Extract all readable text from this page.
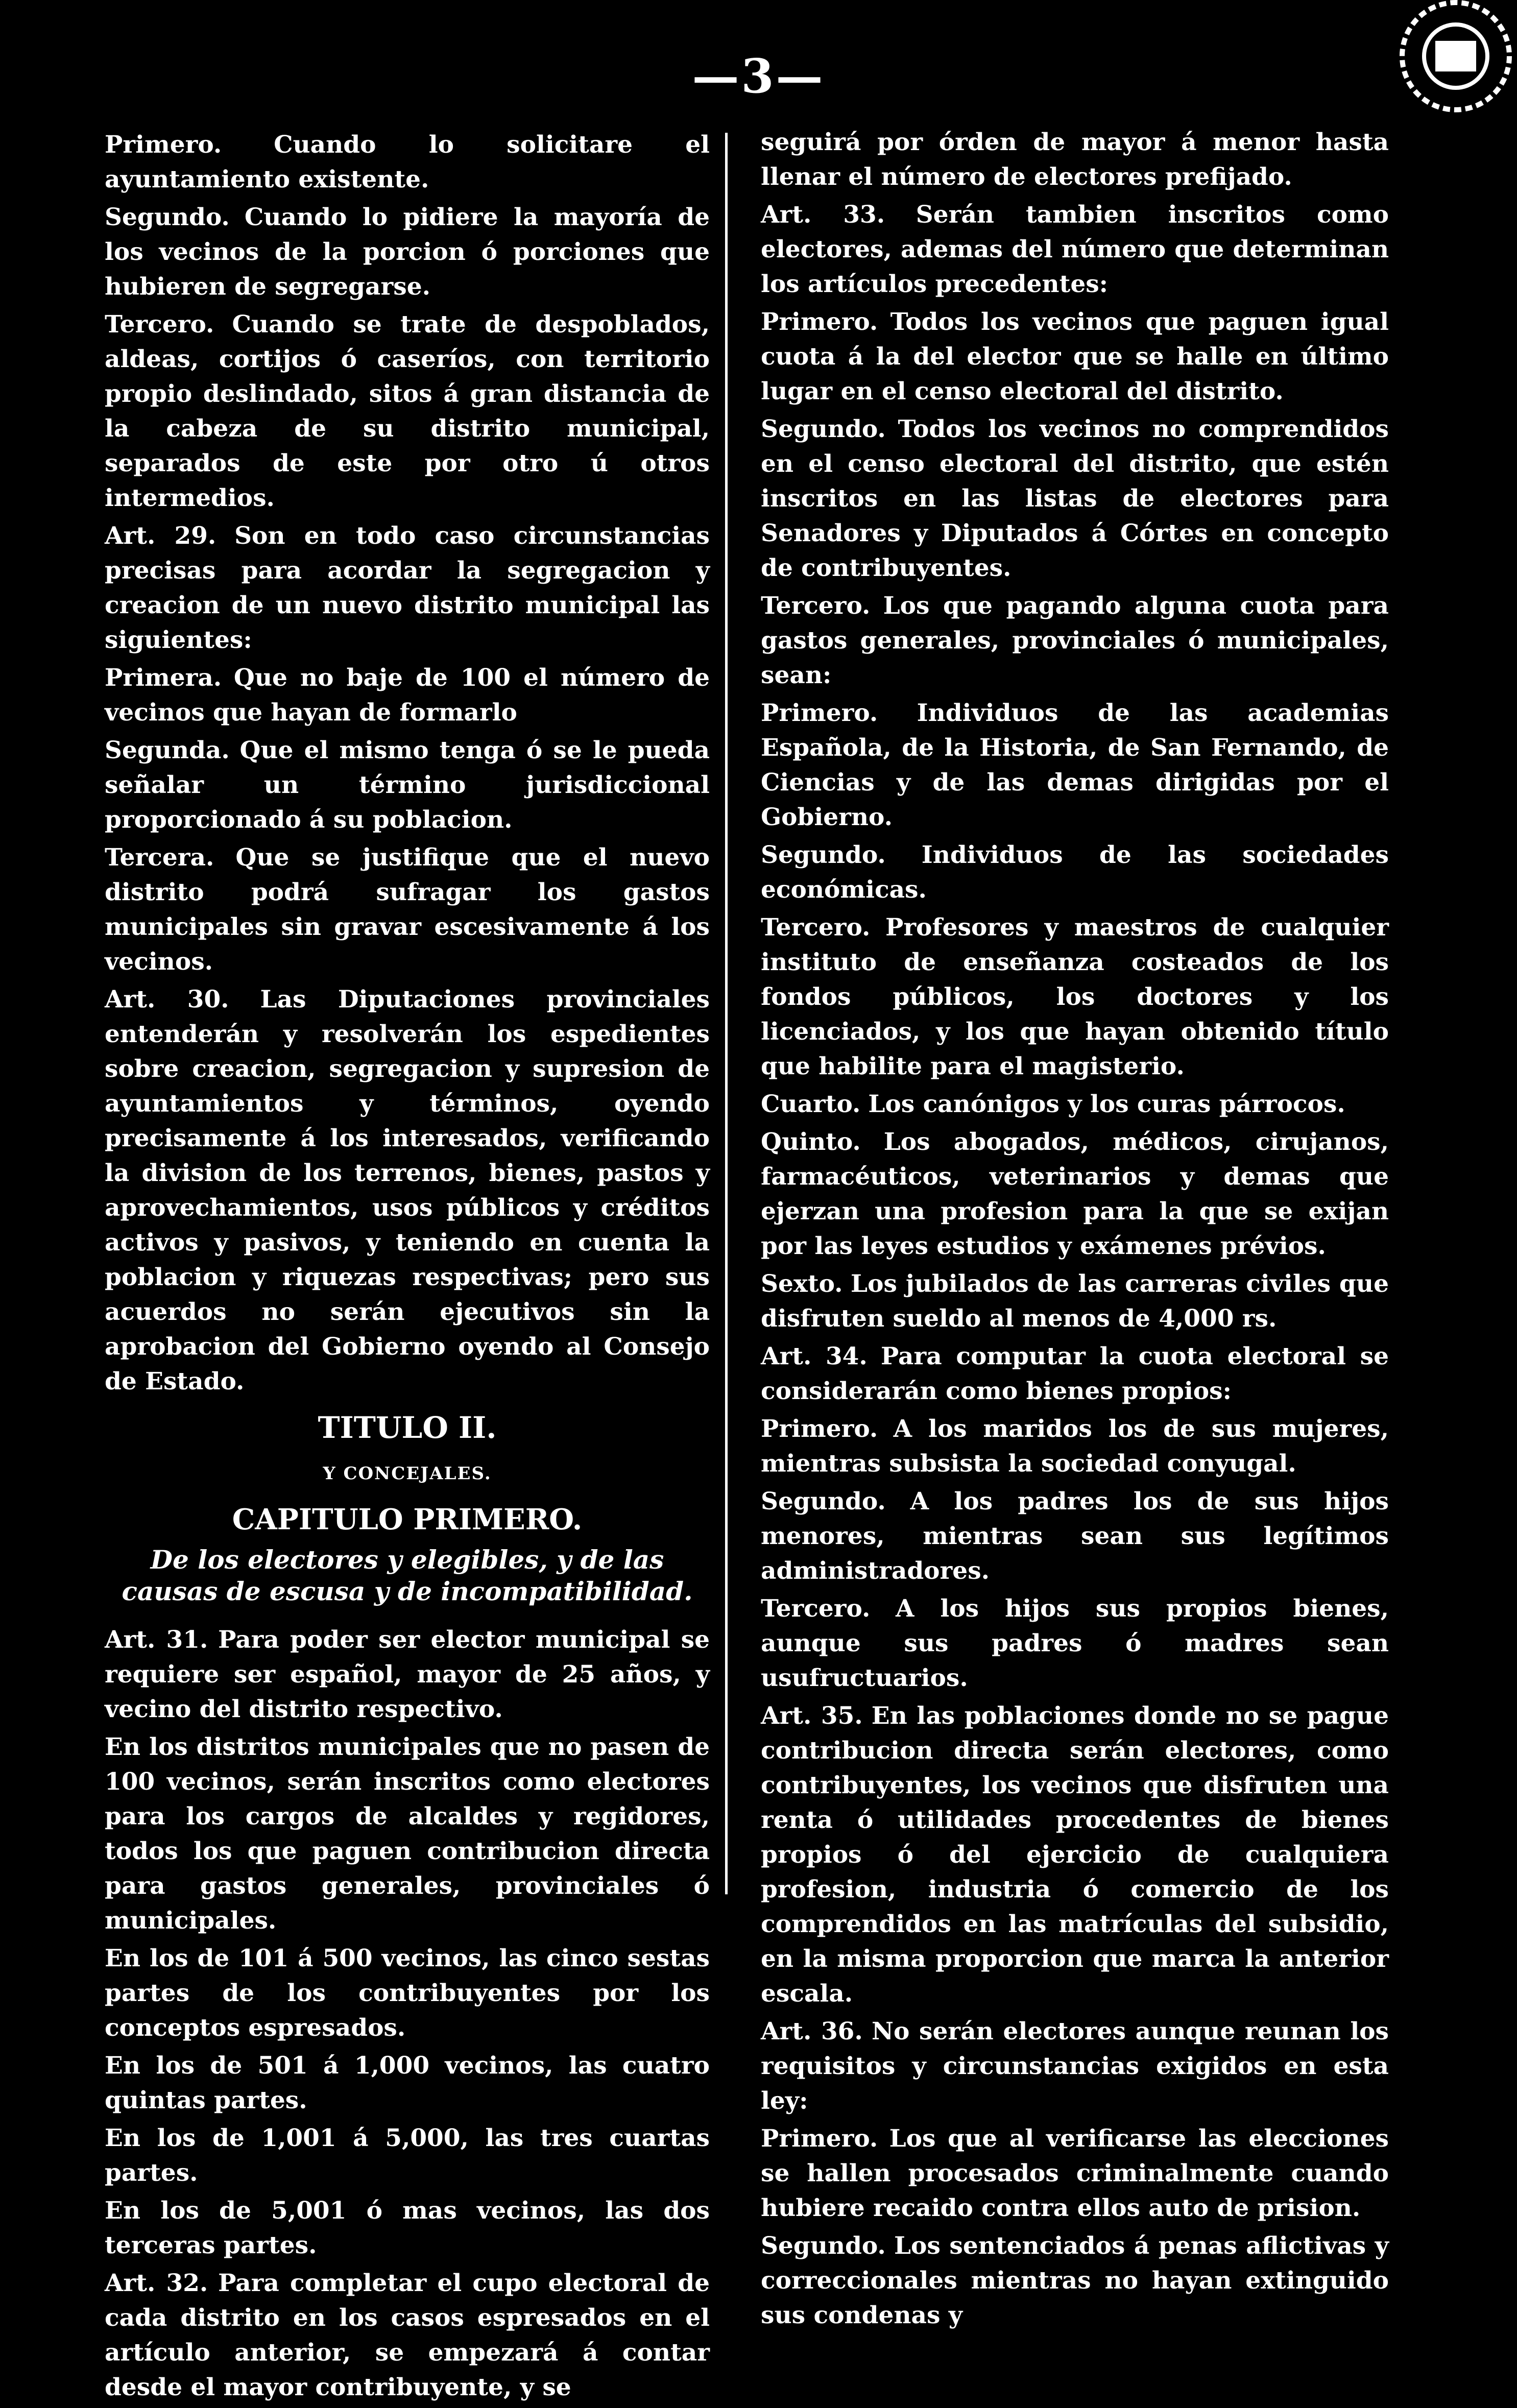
—3—

Primero. Cuando lo solicitare el ayuntamiento existente.

Segundo. Cuando lo pidiere la mayoría de los vecinos de la porcion ó porciones que hubieren de segregarse.

Tercero. Cuando se trate de despoblados, aldeas, cortijos ó caseríos, con territorio propio deslindado, sitos á gran distancia de la cabeza de su distrito municipal, separados de este por otro ú otros intermedios.

Art. 29. Son en todo caso circunstancias precisas para acordar la segregacion y creacion de un nuevo distrito municipal las siguientes:

Primera. Que no baje de 100 el número de vecinos que hayan de formarlo

Segunda. Que el mismo tenga ó se le pueda señalar un término jurisdiccional proporcionado á su poblacion.

Tercera. Que se justifique que el nuevo distrito podrá sufragar los gastos municipales sin gravar escesivamente á los vecinos.

Art. 30. Las Diputaciones provinciales entenderán y resolverán los espedientes sobre creacion, segregacion y supresion de ayuntamientos y términos, oyendo precisamente á los interesados, verificando la division de los terrenos, bienes, pastos y aprovechamientos, usos públicos y créditos activos y pasivos, y teniendo en cuenta la poblacion y riquezas respectivas; pero sus acuerdos no serán ejecutivos sin la aprobacion del Gobierno oyendo al Consejo de Estado.

TITULO II.
Y CONCEJALES.
CAPITULO PRIMERO.
De los electores y elegibles, y de las causas de escusa y de incompatibilidad.

Art. 31. Para poder ser elector municipal se requiere ser español, mayor de 25 años, y vecino del distrito respectivo.

En los distritos municipales que no pasen de 100 vecinos, serán inscritos como electores para los cargos de alcaldes y regidores, todos los que paguen contribucion directa para gastos generales, provinciales ó municipales.

En los de 101 á 500 vecinos, las cinco sestas partes de los contribuyentes por los conceptos espresados.

En los de 501 á 1,000 vecinos, las cuatro quintas partes.

En los de 1,001 á 5,000, las tres cuartas partes.

En los de 5,001 ó mas vecinos, las dos terceras partes.

Art. 32. Para completar el cupo electoral de cada distrito en los casos espresados en el artículo anterior, se empezará á contar desde el mayor contribuyente, y se

seguirá por órden de mayor á menor hasta llenar el número de electores prefijado.

Art. 33. Serán tambien inscritos como electores, ademas del número que determinan los artículos precedentes:

Primero. Todos los vecinos que paguen igual cuota á la del elector que se halle en último lugar en el censo electoral del distrito.

Segundo. Todos los vecinos no comprendidos en el censo electoral del distrito, que estén inscritos en las listas de electores para Senadores y Diputados á Córtes en concepto de contribuyentes.

Tercero. Los que pagando alguna cuota para gastos generales, provinciales ó municipales, sean:

Primero. Individuos de las academias Española, de la Historia, de San Fernando, de Ciencias y de las demas dirigidas por el Gobierno.

Segundo. Individuos de las sociedades económicas.

Tercero. Profesores y maestros de cualquier instituto de enseñanza costeados de los fondos públicos, los doctores y los licenciados, y los que hayan obtenido título que habilite para el magisterio.

Cuarto. Los canónigos y los curas párrocos.

Quinto. Los abogados, médicos, cirujanos, farmacéuticos, veterinarios y demas que ejerzan una profesion para la que se exijan por las leyes estudios y exámenes prévios.

Sexto. Los jubilados de las carreras civiles que disfruten sueldo al menos de 4,000 rs.

Art. 34. Para computar la cuota electoral se considerarán como bienes propios:

Primero. A los maridos los de sus mujeres, mientras subsista la sociedad conyugal.

Segundo. A los padres los de sus hijos menores, mientras sean sus legítimos administradores.

Tercero. A los hijos sus propios bienes, aunque sus padres ó madres sean usufructuarios.

Art. 35. En las poblaciones donde no se pague contribucion directa serán electores, como contribuyentes, los vecinos que disfruten una renta ó utilidades procedentes de bienes propios ó del ejercicio de cualquiera profesion, industria ó comercio de los comprendidos en las matrículas del subsidio, en la misma proporcion que marca la anterior escala.

Art. 36. No serán electores aunque reunan los requisitos y circunstancias exigidos en esta ley:

Primero. Los que al verificarse las elecciones se hallen procesados criminalmente cuando hubiere recaido contra ellos auto de prision.

Segundo. Los sentenciados á penas aflictivas y correccionales mientras no hayan extinguido sus condenas y
